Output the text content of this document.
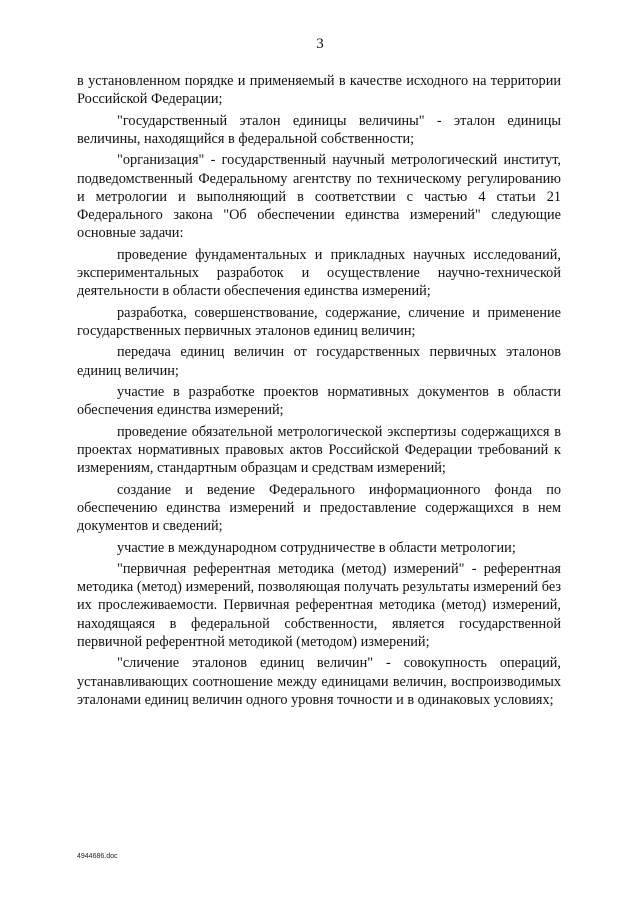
3

в установленном порядке и применяемый в качестве исходного на территории Российской Федерации;

"государственный эталон единицы величины" - эталон единицы величины, находящийся в федеральной собственности;

"организация" - государственный научный метрологический институт, подведомственный Федеральному агентству по техническому регулированию и метрологии и выполняющий в соответствии с частью 4 статьи 21 Федерального закона "Об обеспечении единства измерений" следующие основные задачи:

проведение фундаментальных и прикладных научных исследований, экспериментальных разработок и осуществление научно-технической деятельности в области обеспечения единства измерений;

разработка, совершенствование, содержание, сличение и применение государственных первичных эталонов единиц величин;

передача единиц величин от государственных первичных эталонов единиц величин;

участие в разработке проектов нормативных документов в области обеспечения единства измерений;

проведение обязательной метрологической экспертизы содержащихся в проектах нормативных правовых актов Российской Федерации требований к измерениям, стандартным образцам и средствам измерений;

создание и ведение Федерального информационного фонда по обеспечению единства измерений и предоставление содержащихся в нем документов и сведений;

участие в международном сотрудничестве в области метрологии;

"первичная референтная методика (метод) измерений" - референтная методика (метод) измерений, позволяющая получать результаты измерений без их прослеживаемости. Первичная референтная методика (метод) измерений, находящаяся в федеральной собственности, является государственной первичной референтной методикой (методом) измерений;

"сличение эталонов единиц величин" - совокупность операций, устанавливающих соотношение между единицами величин, воспроизводимых эталонами единиц величин одного уровня точности и в одинаковых условиях;

4944686.doc
